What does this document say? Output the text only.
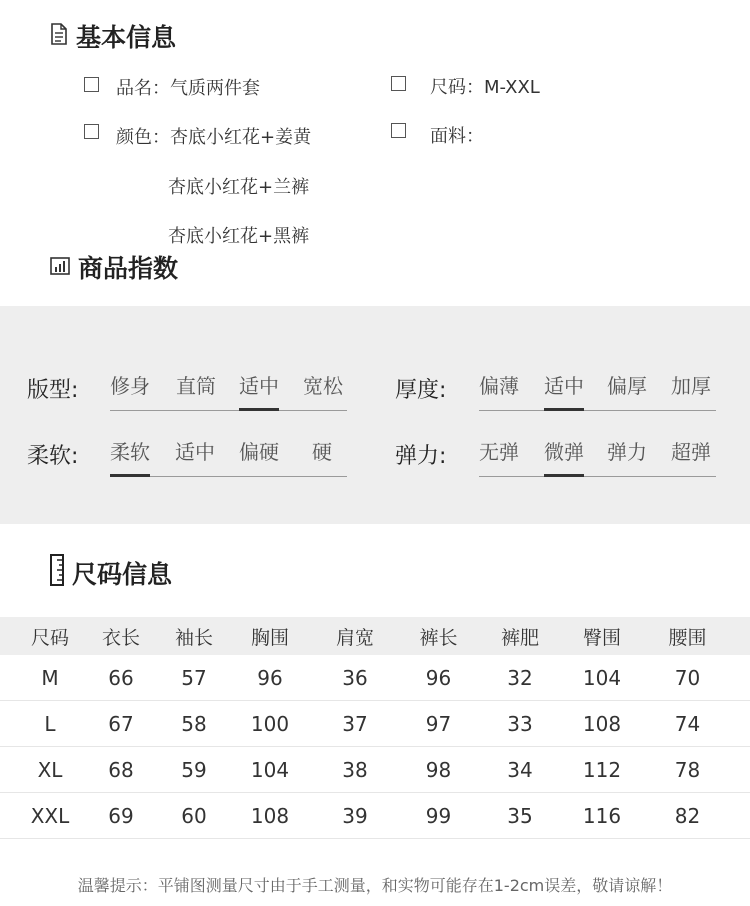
基本信息
品名：气质两件套	尺码：M-XXL
颜色：杏底小红花+姜黄	面料：
杏底小红花+兰裤
杏底小红花+黑裤
商品指数
版型: 修身 直筒 适中 宽松 厚度: 偏薄 适中 偏厚 加厚
柔软: 柔软 适中 偏硬 硬	弹力: 无弹 微弹 弹力 超弹
尺码信息
尺码	衣长	袖长	胸围	肩宽	裤长	裤肥	臀围	腰围
M	66	57	96	36	96	32	104	70
L	67	58	100	37	97	33	108	74
XL	68	59	104	38	98	34	112	78
XXL	69	60	108	39	99	35	116	82
温馨提示：平铺图测量尺寸由于手工测量，和实物可能存在1-2cm误差，敬请谅解！
